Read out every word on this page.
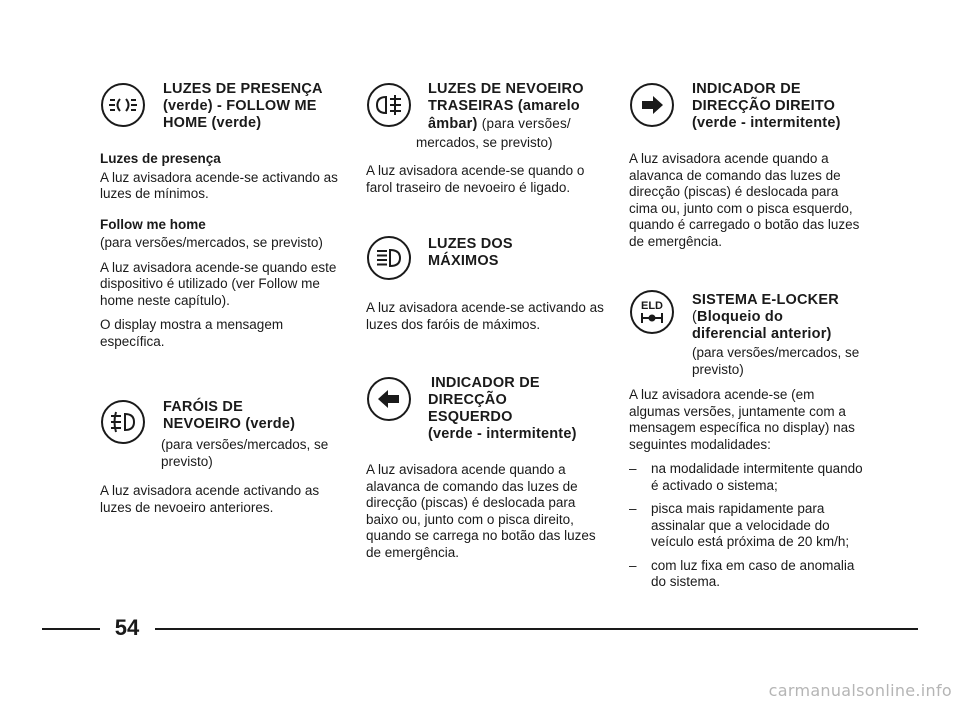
LUZES DE PRESENÇA
(verde) - FOLLOW ME
HOME (verde)
Luzes de presença
A luz avisadora acende-se activando as luzes de mínimos.
Follow me home
(para versões/mercados, se previsto)
A luz avisadora acende-se quando este dispositivo é utilizado (ver Follow me home neste capítulo).
O display mostra a mensagem específica.
FARÓIS DE
NEVOEIRO (verde)
(para versões/mercados, se previsto)
A luz avisadora acende activando as luzes de nevoeiro anteriores.
LUZES DE NEVOEIRO
TRASEIRAS (amarelo
âmbar) (para versões/
mercados, se previsto)
A luz avisadora acende-se quando o farol traseiro de nevoeiro é ligado.
LUZES DOS
MÁXIMOS
A luz avisadora acende-se activando as luzes dos faróis de máximos.
INDICADOR DE
DIRECÇÃO
ESQUERDO
(verde - intermitente)
A luz avisadora acende quando a alavanca de comando das luzes de direcção (piscas) é deslocada para baixo ou, junto com o pisca direito, quando se carrega no botão das luzes de emergência.
INDICADOR DE
DIRECÇÃO DIREITO
(verde - intermitente)
A luz avisadora acende quando a alavanca de comando das luzes de direcção (piscas) é deslocada para cima ou, junto com o pisca esquerdo, quando é carregado o botão das luzes de emergência.
ELD SISTEMA E-LOCKER
(Bloqueio do
diferencial anterior)
(para versões/mercados, se previsto)
A luz avisadora acende-se (em algumas versões, juntamente com a mensagem específica no display) nas seguintes modalidades:
–	na modalidade intermitente quando é activado o sistema;
–	pisca mais rapidamente para assinalar que a velocidade do veículo está próxima de 20 km/h;
–	com luz fixa em caso de anomalia do sistema.
54
carmanualsonline.info
